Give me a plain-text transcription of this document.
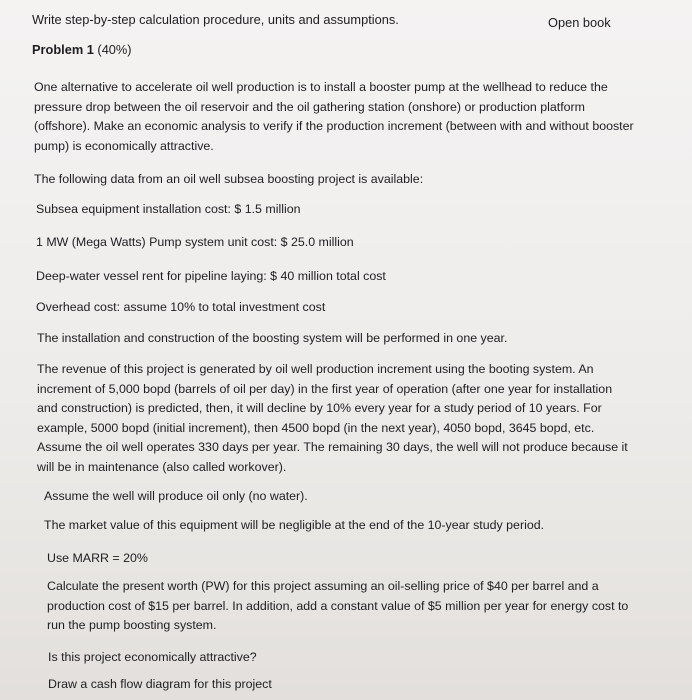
Write step-by-step calculation procedure, units and assumptions.	Open book

Problem 1 (40%)

One alternative to accelerate oil well production is to install a booster pump at the wellhead to reduce the pressure drop between the oil reservoir and the oil gathering station (onshore) or production platform (offshore). Make an economic analysis to verify if the production increment (between with and without booster pump) is economically attractive.

The following data from an oil well subsea boosting project is available:

Subsea equipment installation cost: $ 1.5 million

1 MW (Mega Watts) Pump system unit cost: $ 25.0 million

Deep-water vessel rent for pipeline laying: $ 40 million total cost

Overhead cost: assume 10% to total investment cost

The installation and construction of the boosting system will be performed in one year.

The revenue of this project is generated by oil well production increment using the booting system. An increment of 5,000 bopd (barrels of oil per day) in the first year of operation (after one year for installation and construction) is predicted, then, it will decline by 10% every year for a study period of 10 years. For example, 5000 bopd (initial increment), then 4500 bopd (in the next year), 4050 bopd, 3645 bopd, etc. Assume the oil well operates 330 days per year. The remaining 30 days, the well will not produce because it will be in maintenance (also called workover).

Assume the well will produce oil only (no water).

The market value of this equipment will be negligible at the end of the 10-year study period.

Use MARR = 20%

Calculate the present worth (PW) for this project assuming an oil-selling price of $40 per barrel and a production cost of $15 per barrel. In addition, add a constant value of $5 million per year for energy cost to run the pump boosting system.

Is this project economically attractive?

Draw a cash flow diagram for this project
